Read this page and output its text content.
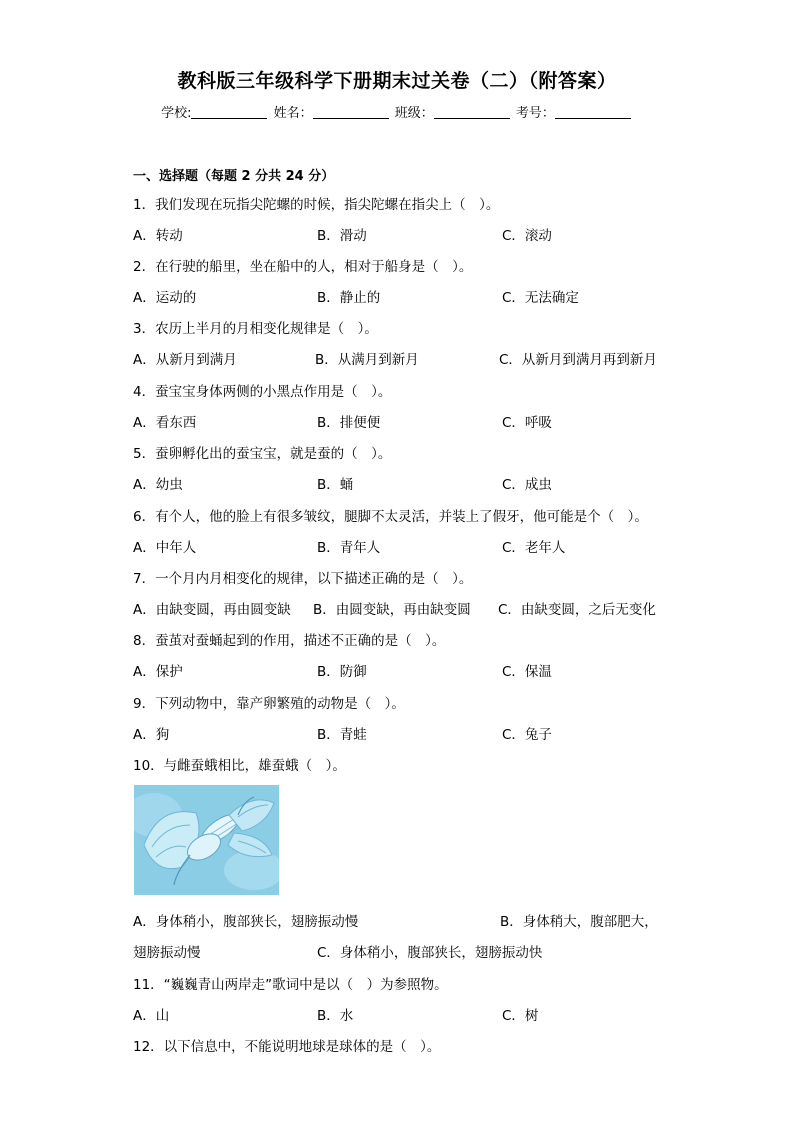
教科版三年级科学下册期末过关卷（二）（附答案）
学校:	姓名：	班级：	考号：
一、选择题（每题 2 分共 24 分）
1．我们发现在玩指尖陀螺的时候，指尖陀螺在指尖上（　）。
A．转动	B．滑动	C．滚动
2．在行驶的船里，坐在船中的人，相对于船身是（　）。
A．运动的	B．静止的	C．无法确定
3．农历上半月的月相变化规律是（　）。
A．从新月到满月	B．从满月到新月	C．从新月到满月再到新月
4．蚕宝宝身体两侧的小黑点作用是（　）。
A．看东西	B．排便便	C．呼吸
5．蚕卵孵化出的蚕宝宝，就是蚕的（　）。
A．幼虫	B．蛹	C．成虫
6．有个人，他的脸上有很多皱纹，腿脚不太灵活，并装上了假牙，他可能是个（　）。
A．中年人	B．青年人	C．老年人
7．一个月内月相变化的规律，以下描述正确的是（　）。
A．由缺变圆，再由圆变缺 B．由圆变缺，再由缺变圆 C．由缺变圆，之后无变化
8．蚕茧对蚕蛹起到的作用，描述不正确的是（　）。
A．保护	B．防御	C．保温
9．下列动物中，靠产卵繁殖的动物是（　）。
A．狗	B．青蛙	C．兔子
10．与雌蚕蛾相比，雄蚕蛾（　）。
A．身体稍小，腹部狭长，翅膀振动慢	B．身体稍大，腹部肥大，
翅膀振动慢	C．身体稍小，腹部狭长，翅膀振动快
11．“巍巍青山两岸走”歌词中是以（　）为参照物。
A．山	B．水	C．树
12．以下信息中，不能说明地球是球体的是（　）。
